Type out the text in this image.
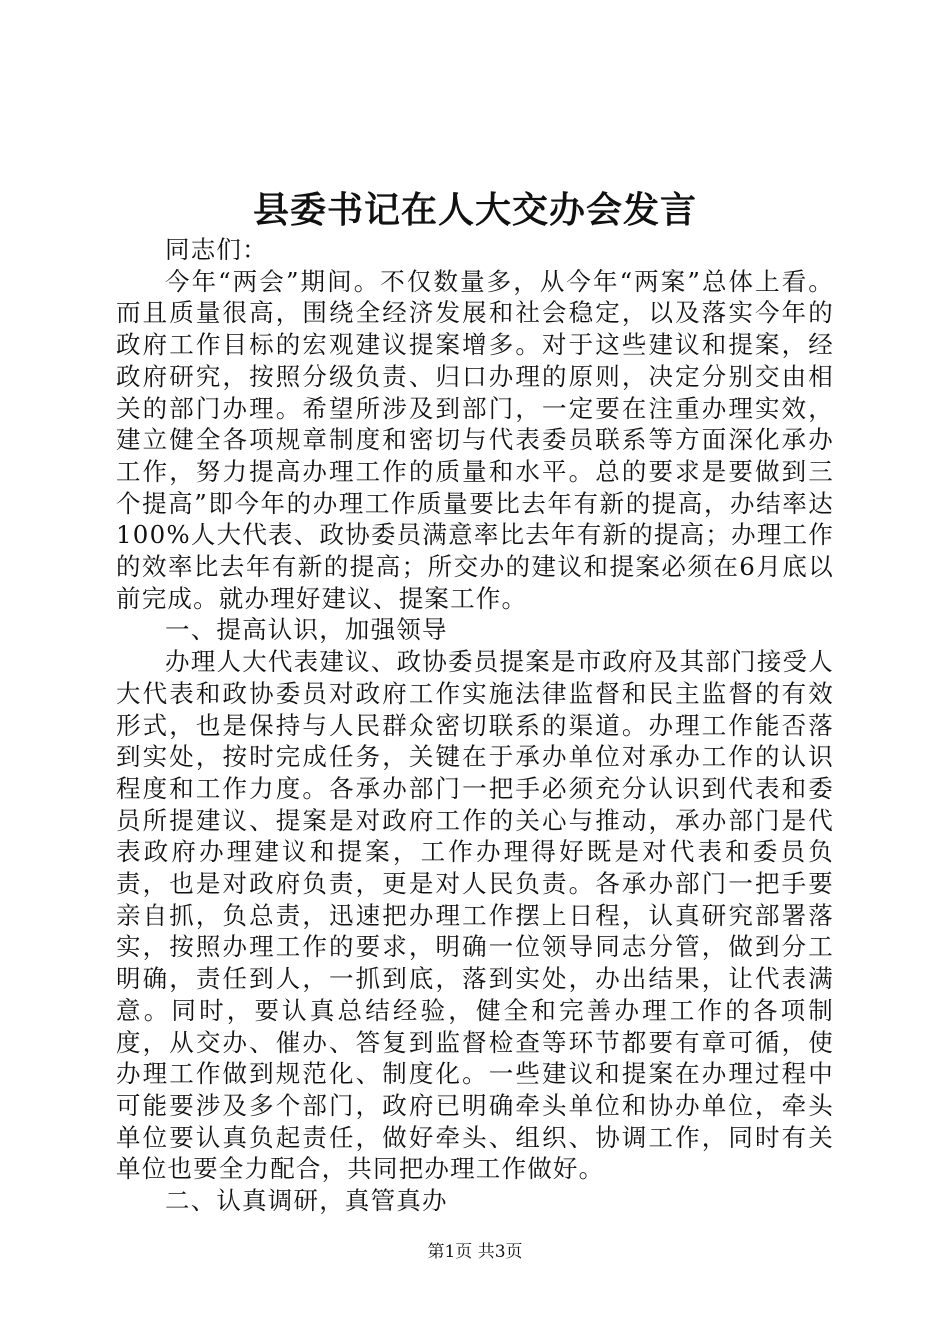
县委书记在人大交办会发言

同志们：

今年“两会”期间。不仅数量多，从今年“两案”总体上看。而且质量很高，围绕全经济发展和社会稳定，以及落实今年的政府工作目标的宏观建议提案增多。对于这些建议和提案，经政府研究，按照分级负责、归口办理的原则，决定分别交由相关的部门办理。希望所涉及到部门，一定要在注重办理实效，建立健全各项规章制度和密切与代表委员联系等方面深化承办工作，努力提高办理工作的质量和水平。总的要求是要做到三个提高”即今年的办理工作质量要比去年有新的提高，办结率达100%人大代表、政协委员满意率比去年有新的提高；办理工作的效率比去年有新的提高；所交办的建议和提案必须在6月底以前完成。就办理好建议、提案工作。

一、提高认识，加强领导

办理人大代表建议、政协委员提案是市政府及其部门接受人大代表和政协委员对政府工作实施法律监督和民主监督的有效形式，也是保持与人民群众密切联系的渠道。办理工作能否落到实处，按时完成任务，关键在于承办单位对承办工作的认识程度和工作力度。各承办部门一把手必须充分认识到代表和委员所提建议、提案是对政府工作的关心与推动，承办部门是代表政府办理建议和提案，工作办理得好既是对代表和委员负责，也是对政府负责，更是对人民负责。各承办部门一把手要亲自抓，负总责，迅速把办理工作摆上日程，认真研究部署落实，按照办理工作的要求，明确一位领导同志分管，做到分工明确，责任到人，一抓到底，落到实处，办出结果，让代表满意。同时，要认真总结经验，健全和完善办理工作的各项制度，从交办、催办、答复到监督检查等环节都要有章可循，使办理工作做到规范化、制度化。一些建议和提案在办理过程中可能要涉及多个部门，政府已明确牵头单位和协办单位，牵头单位要认真负起责任，做好牵头、组织、协调工作，同时有关单位也要全力配合，共同把办理工作做好。

二、认真调研，真管真办

第1页 共3页
